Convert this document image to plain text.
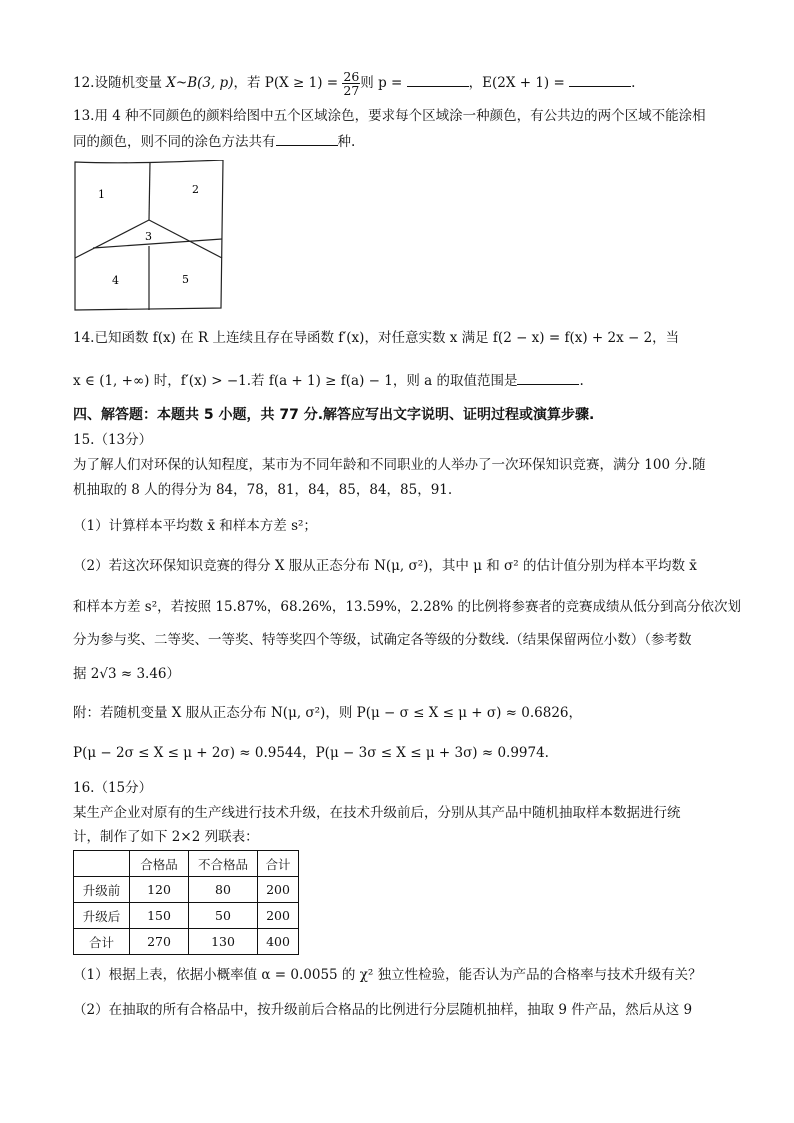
12.设随机变量 X~B(3, p)，若 $P(X \ge 1) = \frac{26}{27}$ 则 p =	，E(2X + 1) =	.
13.用 4 种不同颜色的颜料给图中五个区域涂色，要求每个区域涂一种颜色，有公共边的两个区域不能涂相
同的颜色，则不同的涂色方法共有	种.
1	2
3
4	5
14.已知函数 f(x) 在 R 上连续且存在导函数 f′(x)，对任意实数 x 满足 f(2 − x) = f(x) + 2x − 2，当
x ∈ (1, +∞) 时，f′(x) > −1.若 f(a + 1) ≥ f(a) − 1，则 a 的取值范围是	.
四、解答题：本题共 5 小题，共 77 分.解答应写出文字说明、证明过程或演算步骤.
15.（13分）
为了解人们对环保的认知程度，某市为不同年龄和不同职业的人举办了一次环保知识竞赛，满分 100 分.随
机抽取的 8 人的得分为 84，78，81，84，85，84，85，91.
（1）计算样本平均数 x̄ 和样本方差 s²；
（2）若这次环保知识竞赛的得分 X 服从正态分布 N(μ, σ²)，其中 μ 和 σ² 的估计值分别为样本平均数 x̄
和样本方差 s²，若按照 15.87%，68.26%，13.59%，2.28% 的比例将参赛者的竞赛成绩从低分到高分依次划
分为参与奖、二等奖、一等奖、特等奖四个等级，试确定各等级的分数线.（结果保留两位小数）（参考数
据 2√3 ≈ 3.46）
附：若随机变量 X 服从正态分布 N(μ, σ²)，则 P(μ − σ ≤ X ≤ μ + σ) ≈ 0.6826，
P(μ − 2σ ≤ X ≤ μ + 2σ) ≈ 0.9544，P(μ − 3σ ≤ X ≤ μ + 3σ) ≈ 0.9974.
16.（15分）
某生产企业对原有的生产线进行技术升级，在技术升级前后，分别从其产品中随机抽取样本数据进行统
计，制作了如下 2×2 列联表：
	合格品	不合格品	合计
升级前	120	80	200
升级后	150	50	200
合计	270	130	400
（1）根据上表，依据小概率值 α = 0.0055 的 χ² 独立性检验，能否认为产品的合格率与技术升级有关？
（2）在抽取的所有合格品中，按升级前后合格品的比例进行分层随机抽样，抽取 9 件产品，然后从这 9
